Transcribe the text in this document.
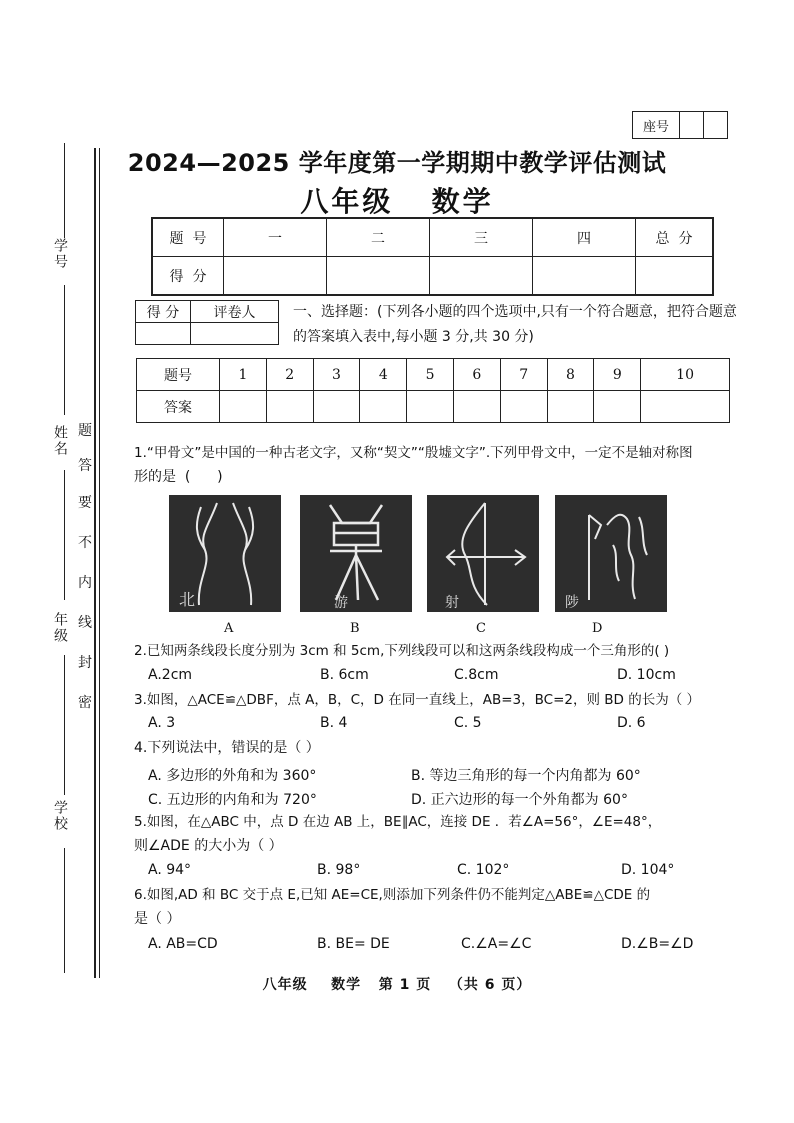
学号
姓名
年级
学校
题
答
要
不
内
线
封
密
座号
2024—2025 学年度第一学期期中教学评估测试
八年级   数学
题  号	一	二	三	四	总  分
得  分					
得 分	评卷人
		一、选择题：(下列各小题的四个选项中,只有一个符合题意，把符合题意的答案填入表中,每小题 3 分,共 30 分)
题号	1	2	3	4	5	6	7	8	9	10
答案										
1.“甲骨文”是中国的一种古老文字，又称“契文”“殷墟文字”.下列甲骨文中，一定不是轴对称图
形的是  (      )
北	游	射	陟
A	B	C	D
2.已知两条线段长度分别为 3cm 和 5cm,下列线段可以和这两条线段构成一个三角形的( )
A.2cm	B. 6cm	C.8cm	D. 10cm
3.如图，△ACE≌△DBF，点 A，B，C，D 在同一直线上，AB=3，BC=2，则 BD 的长为（ ）
A. 3	B. 4	C. 5	D. 6
4.下列说法中，错误的是（ ）
A. 多边形的外角和为 360°	B. 等边三角形的每一个内角都为 60°
C. 五边形的内角和为 720°	D. 正六边形的每一个外角都为 60°
5.如图，在△ABC 中，点 D 在边 AB 上，BE∥AC，连接 DE ．若∠A=56°，∠E=48°，
则∠ADE 的大小为（ ）
A. 94°	B. 98°	C. 102°	D. 104°
6.如图,AD 和 BC 交于点 E,已知 AE=CE,则添加下列条件仍不能判定△ABE≌△CDE 的
是（ ）
A. AB=CD	B. BE= DE	C.∠A=∠C	D.∠B=∠D
八年级    数学   第 1 页   （共 6 页）
